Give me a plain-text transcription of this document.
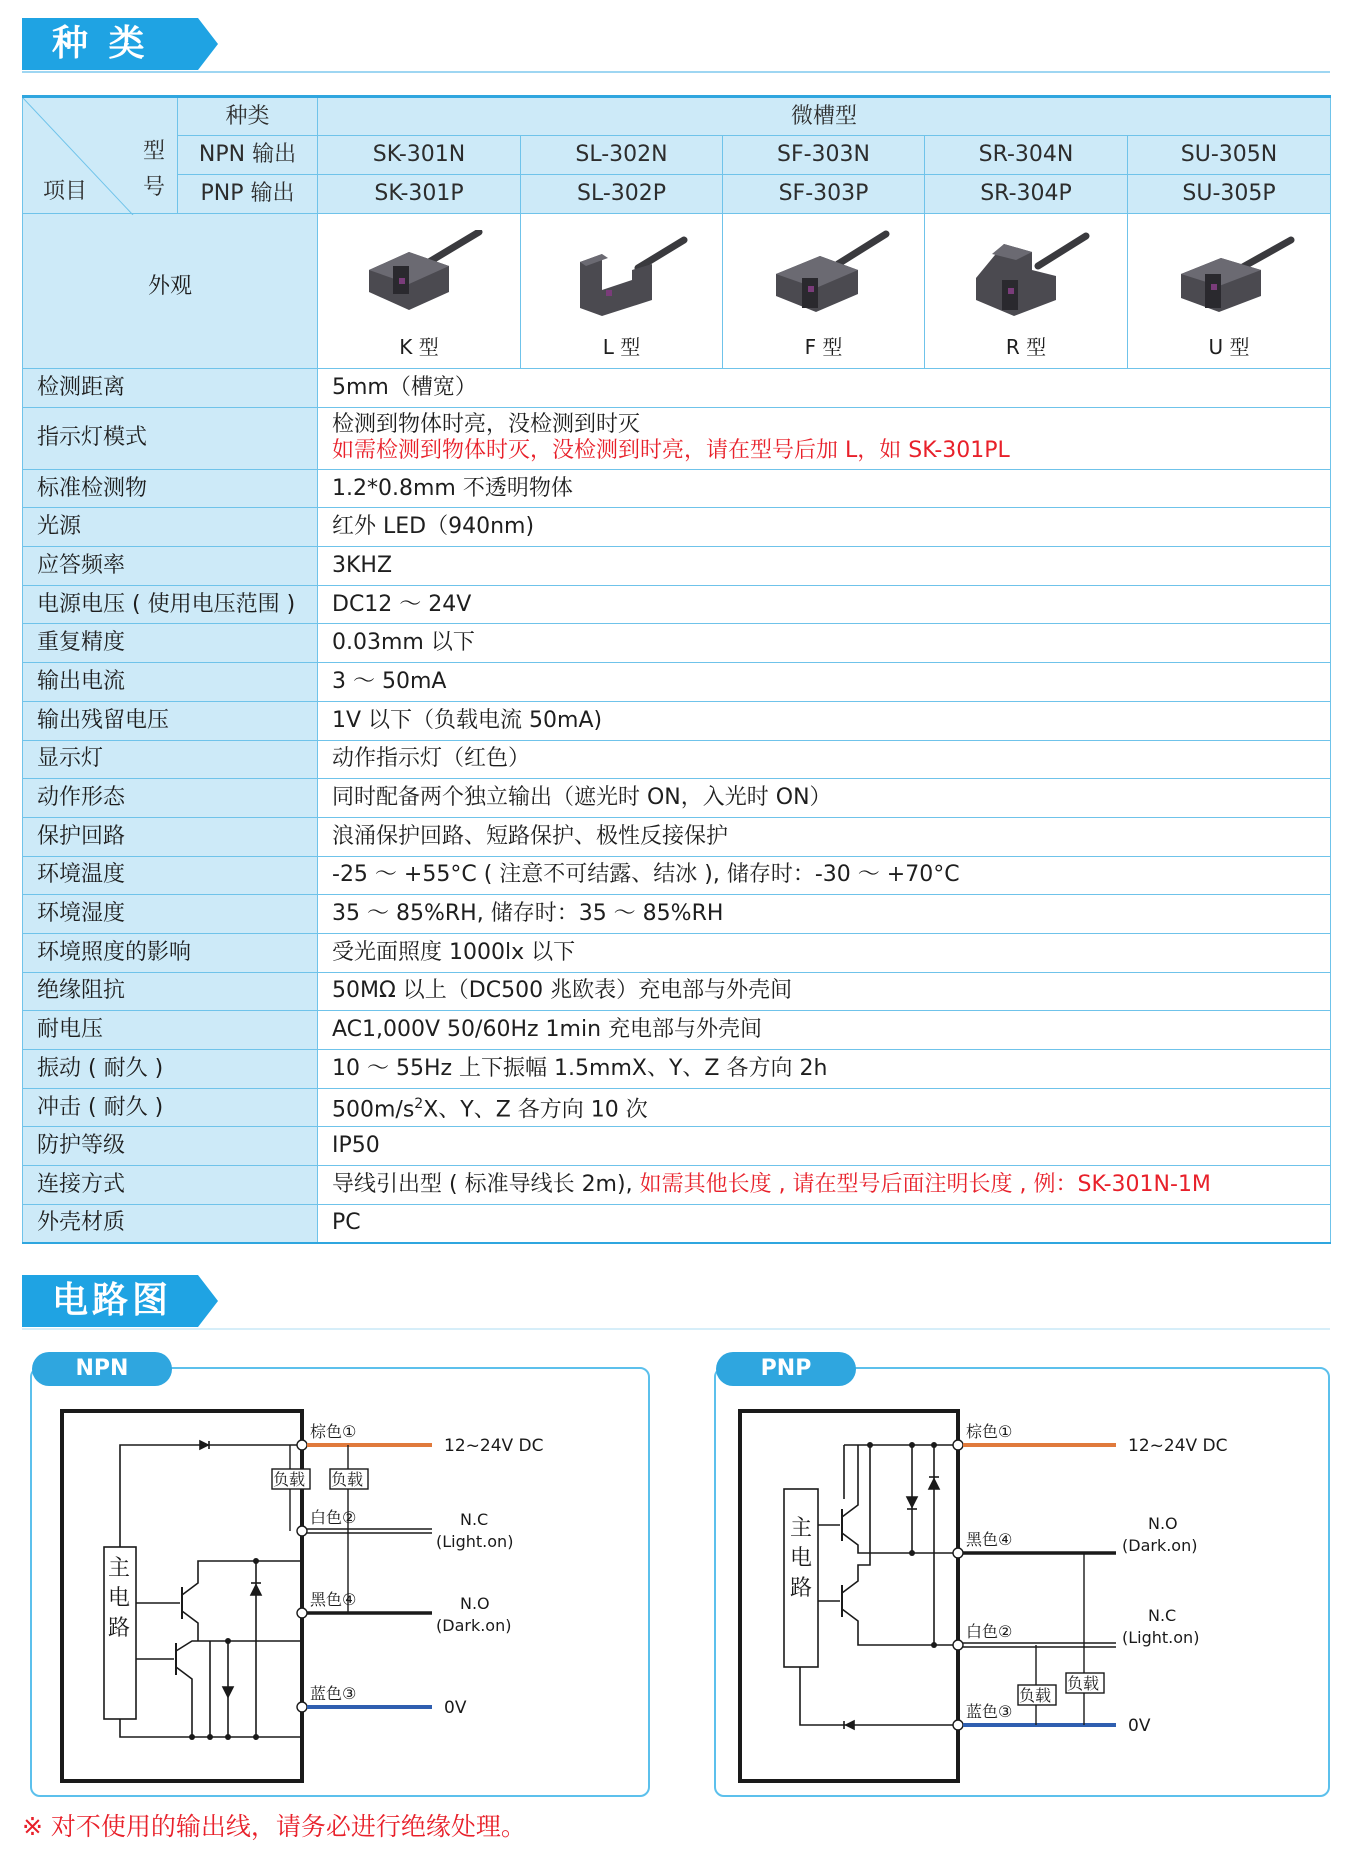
种 类
项目
型
号	种类	微槽型				
	NPN 输出	SK-301N	SL-302N	SF-303N	SR-304N	SU-305N
	PNP 输出	SK-301P	SL-302P	SF-303P	SR-304P	SU-305P
外观		K 型	L 型	F 型	R 型	U 型

检测距离		5mm（槽宽）				
指示灯模式		检测到物体时亮，没检测到时灭
如需检测到物体时灭，没检测到时亮，请在型号后加 L，如 SK-301PL				

标准检测物		1.2*0.8mm 不透明物体				
光源		红外 LED（940nm)				
应答频率		3KHZ				
电源电压 ( 使用电压范围 )		DC12 ～ 24V				
重复精度		0.03mm 以下				
输出电流		3 ～ 50mA				
输出残留电压		1V 以下（负载电流 50mA)				
显示灯		动作指示灯（红色）				
动作形态		同时配备两个独立输出（遮光时 ON，入光时 ON）				
保护回路		浪涌保护回路、短路保护、极性反接保护				
环境温度		-25 ～ +55°C ( 注意不可结露、结冰 ), 储存时：-30 ～ +70°C				
环境湿度		35 ～ 85%RH, 储存时：35 ～ 85%RH				
环境照度的影响		受光面照度 1000lx 以下				
绝缘阻抗		50MΩ 以上（DC500 兆欧表）充电部与外壳间				
耐电压		AC1,000V 50/60Hz 1min 充电部与外壳间				
振动 ( 耐久 )		10 ～ 55Hz 上下振幅 1.5mmX、Y、Z 各方向 2h				
冲击 ( 耐久 )		$500m/s^2X$、Y、Z 各方向 10 次				
防护等级		IP50				
连接方式		导线引出型 ( 标准导线长 2m), 如需其他长度 , 请在型号后面注明长度 , 例：SK-301N-1M				
外壳材质		PC				
电路图
NPN
负载 负载
主
电
路
棕色①
白色②
黑色④
蓝色③
12~24V DC
N.C
(Light.on)
N.O
(Dark.on)
0V
PNP
负载
负载
主
电
路
棕色①
黑色④
白色②
蓝色③
12~24V DC
N.O
(Dark.on)
N.C
(Light.on)
0V
※ 对不使用的输出线，请务必进行绝缘处理。
